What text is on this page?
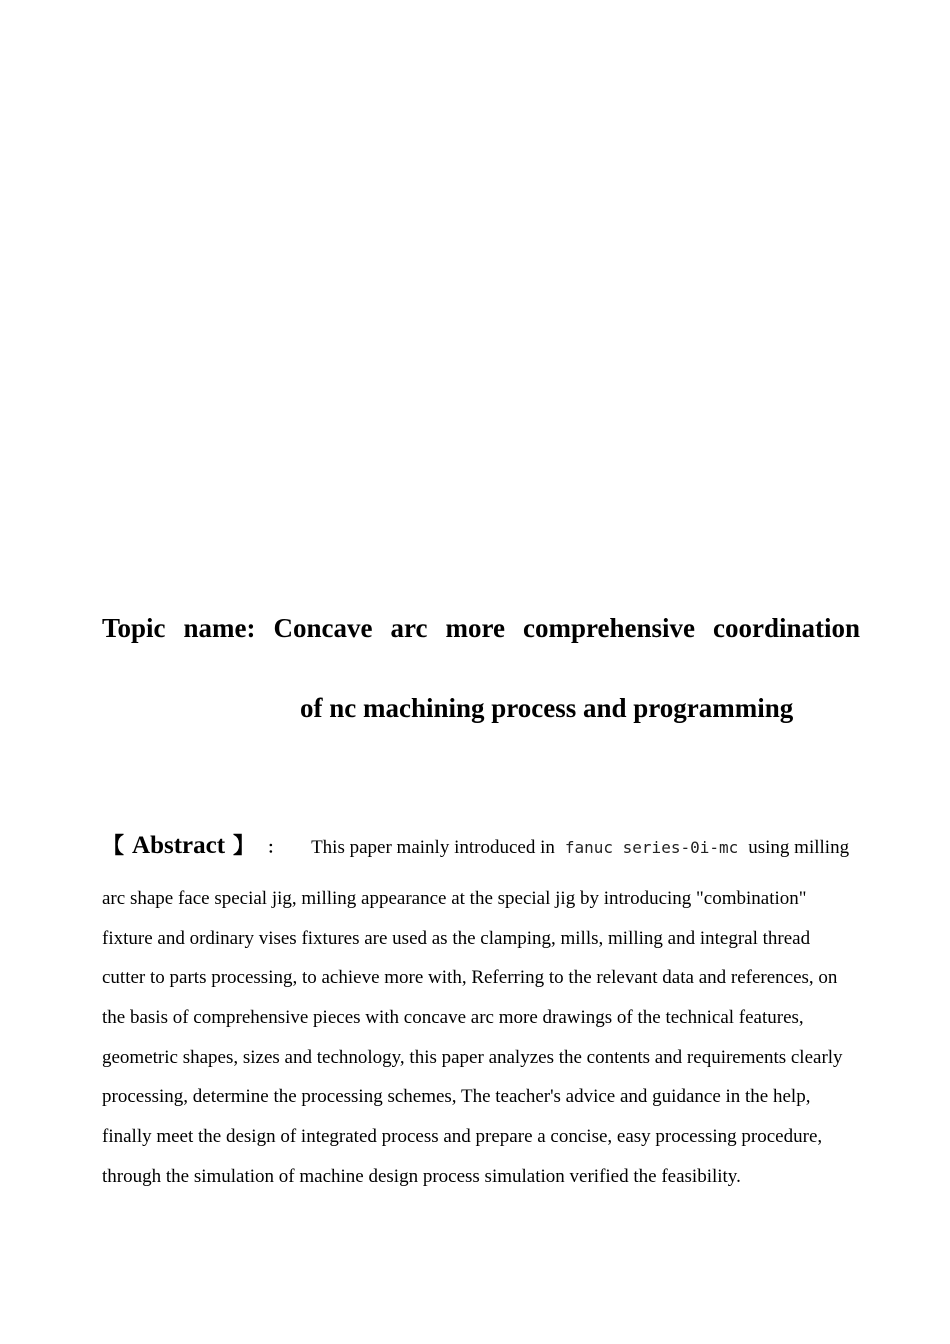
Topic name: Concave arc more comprehensive coordination
of nc machining process and programming
【 Abstract 】 ： This paper mainly introduced in fanuc series-0i-mc using milling
arc shape face special jig, milling appearance at the special jig by introducing "combination"
fixture and ordinary vises fixtures are used as the clamping, mills, milling and integral thread
cutter to parts processing, to achieve more with, Referring to the relevant data and references, on
the basis of comprehensive pieces with concave arc more drawings of the technical features,
geometric shapes, sizes and technology, this paper analyzes the contents and requirements clearly
processing, determine the processing schemes, The teacher's advice and guidance in the help,
finally meet the design of integrated process and prepare a concise, easy processing procedure,
through the simulation of machine design process simulation verified the feasibility.
